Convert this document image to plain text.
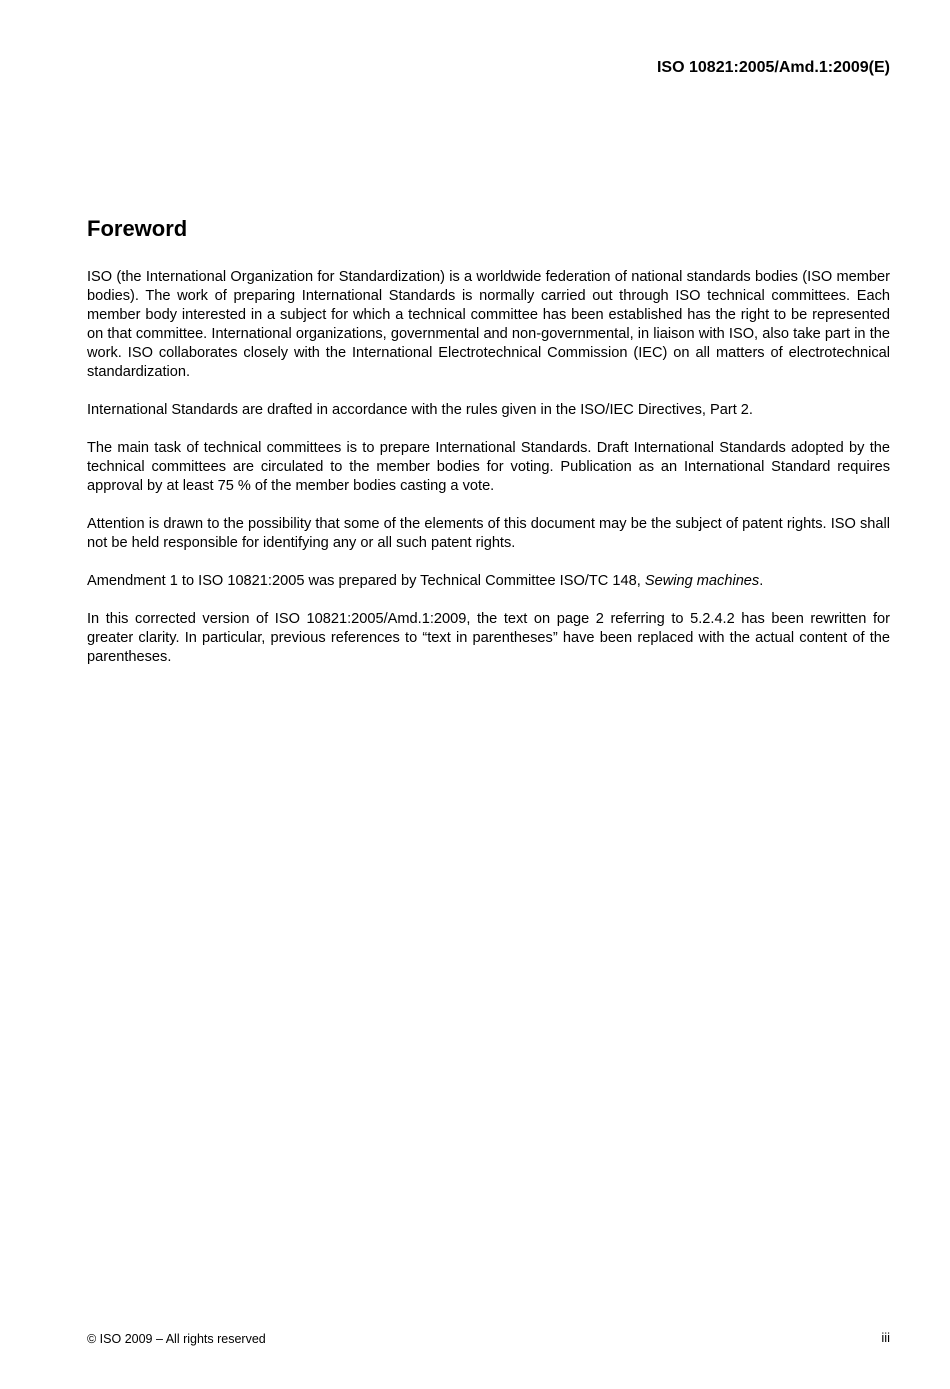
ISO 10821:2005/Amd.1:2009(E)
Foreword

ISO (the International Organization for Standardization) is a worldwide federation of national standards bodies (ISO member bodies). The work of preparing International Standards is normally carried out through ISO technical committees. Each member body interested in a subject for which a technical committee has been established has the right to be represented on that committee. International organizations, governmental and non-governmental, in liaison with ISO, also take part in the work. ISO collaborates closely with the International Electrotechnical Commission (IEC) on all matters of electrotechnical standardization.

International Standards are drafted in accordance with the rules given in the ISO/IEC Directives, Part 2.

The main task of technical committees is to prepare International Standards. Draft International Standards adopted by the technical committees are circulated to the member bodies for voting. Publication as an International Standard requires approval by at least 75 % of the member bodies casting a vote.

Attention is drawn to the possibility that some of the elements of this document may be the subject of patent rights. ISO shall not be held responsible for identifying any or all such patent rights.

Amendment 1 to ISO 10821:2005 was prepared by Technical Committee ISO/TC 148, Sewing machines.

In this corrected version of ISO 10821:2005/Amd.1:2009, the text on page 2 referring to 5.2.4.2 has been rewritten for greater clarity. In particular, previous references to “text in parentheses” have been replaced with the actual content of the parentheses.

© ISO 2009 – All rights reserved	iii
